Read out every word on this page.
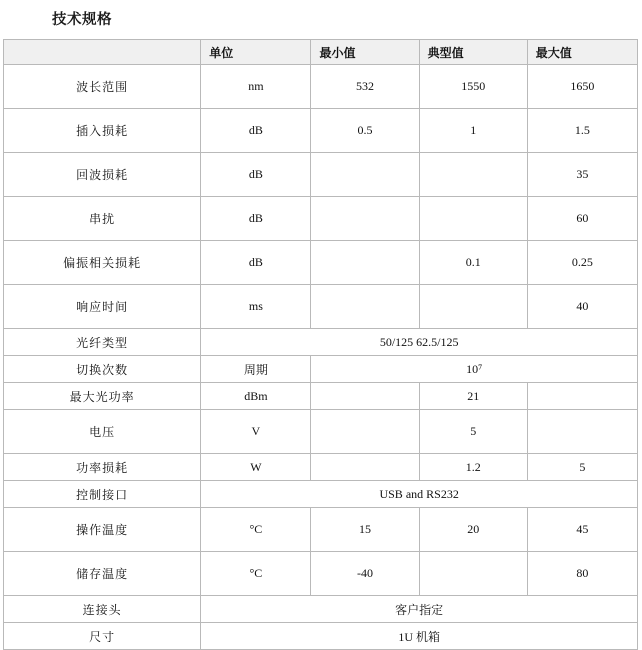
技术规格
	单位	最小值	典型值	最大值
波长范围	nm	532	1550	1650
插入损耗	dB	0.5	1	1.5
回波损耗	dB			35
串扰	dB			60
偏振相关损耗	dB		0.1	0.25
响应时间	ms			40
光纤类型	50/125 62.5/125			
切换次数	周期	10⁷		
最大光功率	dBm		21	
电压	V		5	
功率损耗	W		1.2	5
控制接口	USB and RS232			
操作温度	°C	15	20	45
储存温度	°C	-40		80
连接头	客户指定			
尺寸	1U 机箱			
